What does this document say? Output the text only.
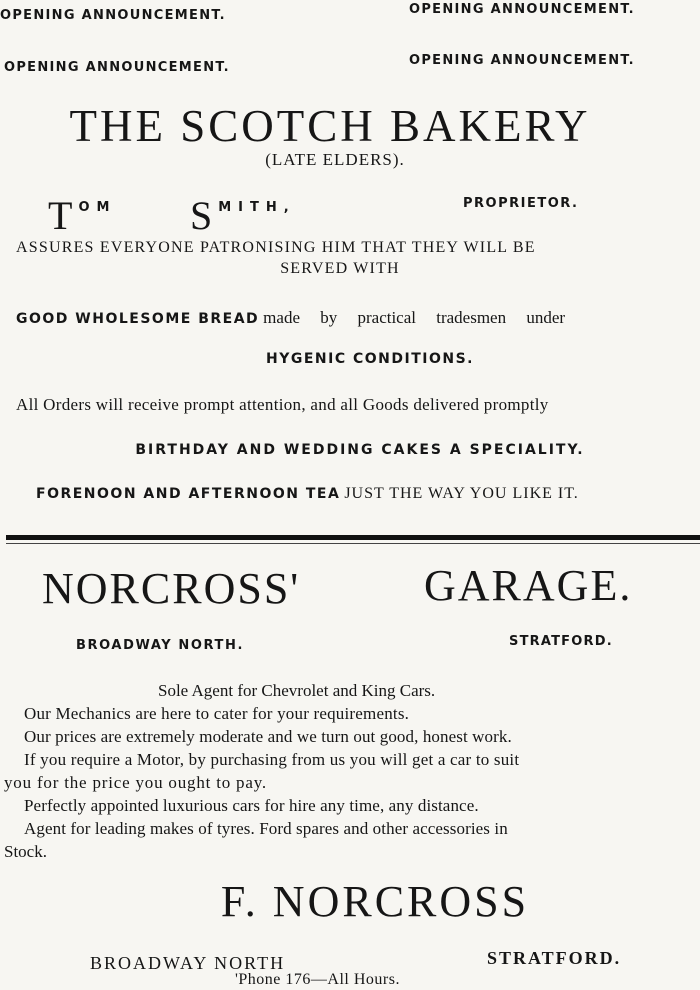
OPENING ANNOUNCEMENT.	OPENING ANNOUNCEMENT.
OPENING ANNOUNCEMENT.	OPENING ANNOUNCEMENT.
THE SCOTCH BAKERY
(LATE ELDERS).
T $^{OM}$ S $^{MITH,}$	PROPRIETOR.
ASSURES EVERYONE PATRONISING HIM THAT THEY WILL BE
SERVED WITH
GOOD WHOLESOME BREAD made by practical tradesmen under
HYGENIC CONDITIONS.
All Orders will receive prompt attention, and all Goods delivered promptly
BIRTHDAY AND WEDDING CAKES A SPECIALITY.
FORENOON AND AFTERNOON TEA JUST THE WAY YOU LIKE IT.
NORCROSS'	GARAGE.
BROADWAY NORTH.	STRATFORD.
Sole Agent for Chevrolet and King Cars.
Our Mechanics are here to cater for your requirements.
Our prices are extremely moderate and we turn out good, honest work.
If you require a Motor, by purchasing from us you will get a car to suit
you for the price you ought to pay.
Perfectly appointed luxurious cars for hire any time, any distance.
Agent for leading makes of tyres. Ford spares and other accessories in
Stock.
F. NORCROSS
BROADWAY NORTH	STRATFORD.
'Phone 176—All Hours.
